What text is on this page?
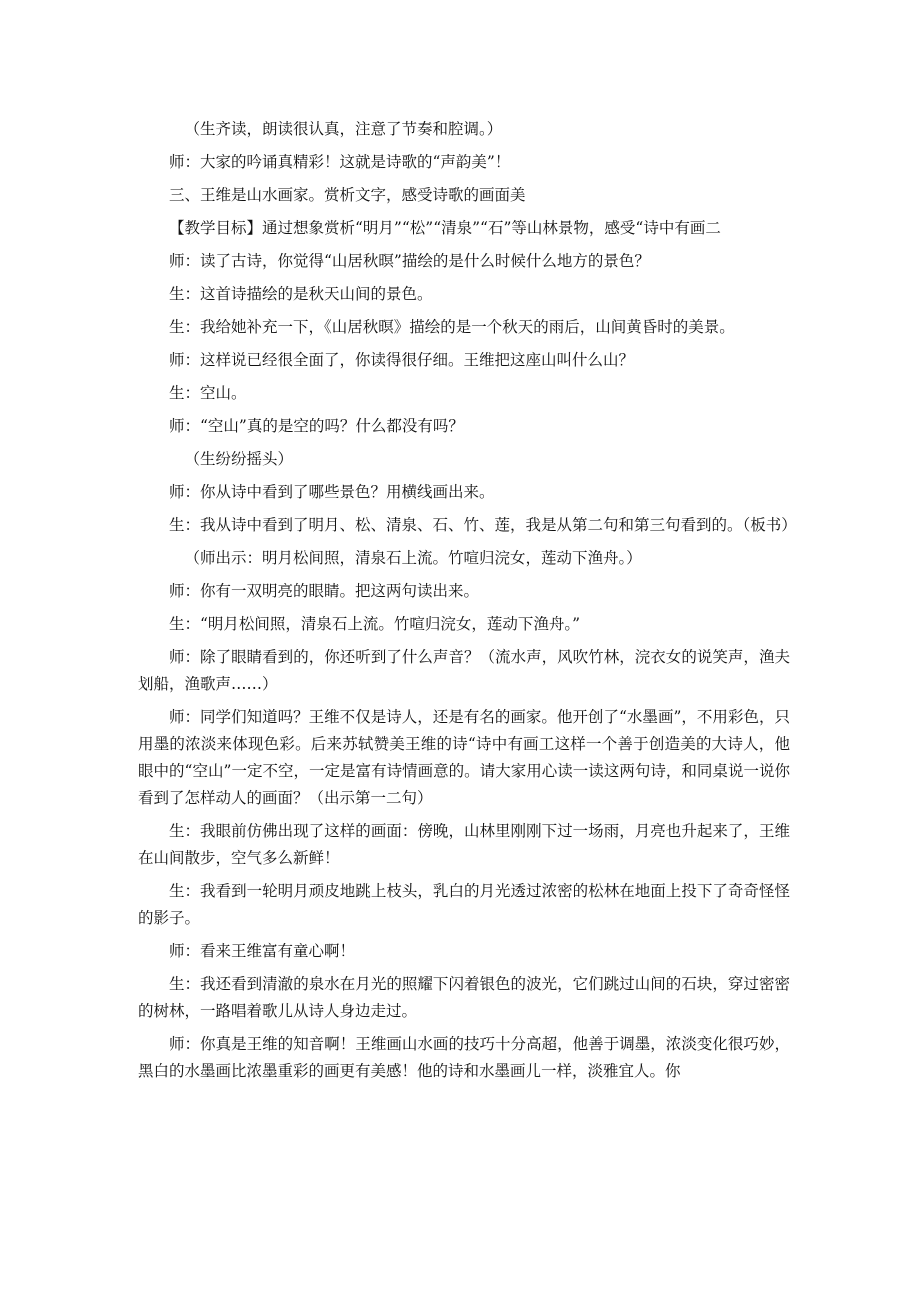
（生齐读，朗读很认真，注意了节奏和腔调。）

师：大家的吟诵真精彩！这就是诗歌的“声韵美”！

三、王维是山水画家。赏析文字，感受诗歌的画面美

【教学目标】通过想象赏析“明月”“松”“清泉”“石”等山林景物，感受“诗中有画二

师：读了古诗，你觉得“山居秋暝”描绘的是什么时候什么地方的景色？

生：这首诗描绘的是秋天山间的景色。

生：我给她补充一下，《山居秋暝》描绘的是一个秋天的雨后，山间黄昏时的美景。

师：这样说已经很全面了，你读得很仔细。王维把这座山叫什么山？

生：空山。

师：“空山”真的是空的吗？什么都没有吗？

（生纷纷摇头）

师：你从诗中看到了哪些景色？用横线画出来。

生：我从诗中看到了明月、松、清泉、石、竹、莲，我是从第二句和第三句看到的。（板书）

（师出示：明月松间照，清泉石上流。竹喧归浣女，莲动下渔舟。）

师：你有一双明亮的眼睛。把这两句读出来。

生：“明月松间照，清泉石上流。竹喧归浣女，莲动下渔舟。”

师：除了眼睛看到的，你还听到了什么声音？（流水声，风吹竹林，浣衣女的说笑声，渔夫划船，渔歌声……）

师：同学们知道吗？王维不仅是诗人，还是有名的画家。他开创了“水墨画”，不用彩色，只用墨的浓淡来体现色彩。后来苏轼赞美王维的诗“诗中有画工这样一个善于创造美的大诗人，他眼中的“空山”一定不空，一定是富有诗情画意的。请大家用心读一读这两句诗，和同桌说一说你看到了怎样动人的画面？（出示第一二句）

生：我眼前仿佛出现了这样的画面：傍晚，山林里刚刚下过一场雨，月亮也升起来了，王维在山间散步，空气多么新鲜！

生：我看到一轮明月顽皮地跳上枝头，乳白的月光透过浓密的松林在地面上投下了奇奇怪怪的影子。

师：看来王维富有童心啊！

生：我还看到清澈的泉水在月光的照耀下闪着银色的波光，它们跳过山间的石块，穿过密密的树林，一路唱着歌儿从诗人身边走过。

师：你真是王维的知音啊！王维画山水画的技巧十分高超，他善于调墨，浓淡变化很巧妙，黑白的水墨画比浓墨重彩的画更有美感！他的诗和水墨画儿一样，淡雅宜人。你
